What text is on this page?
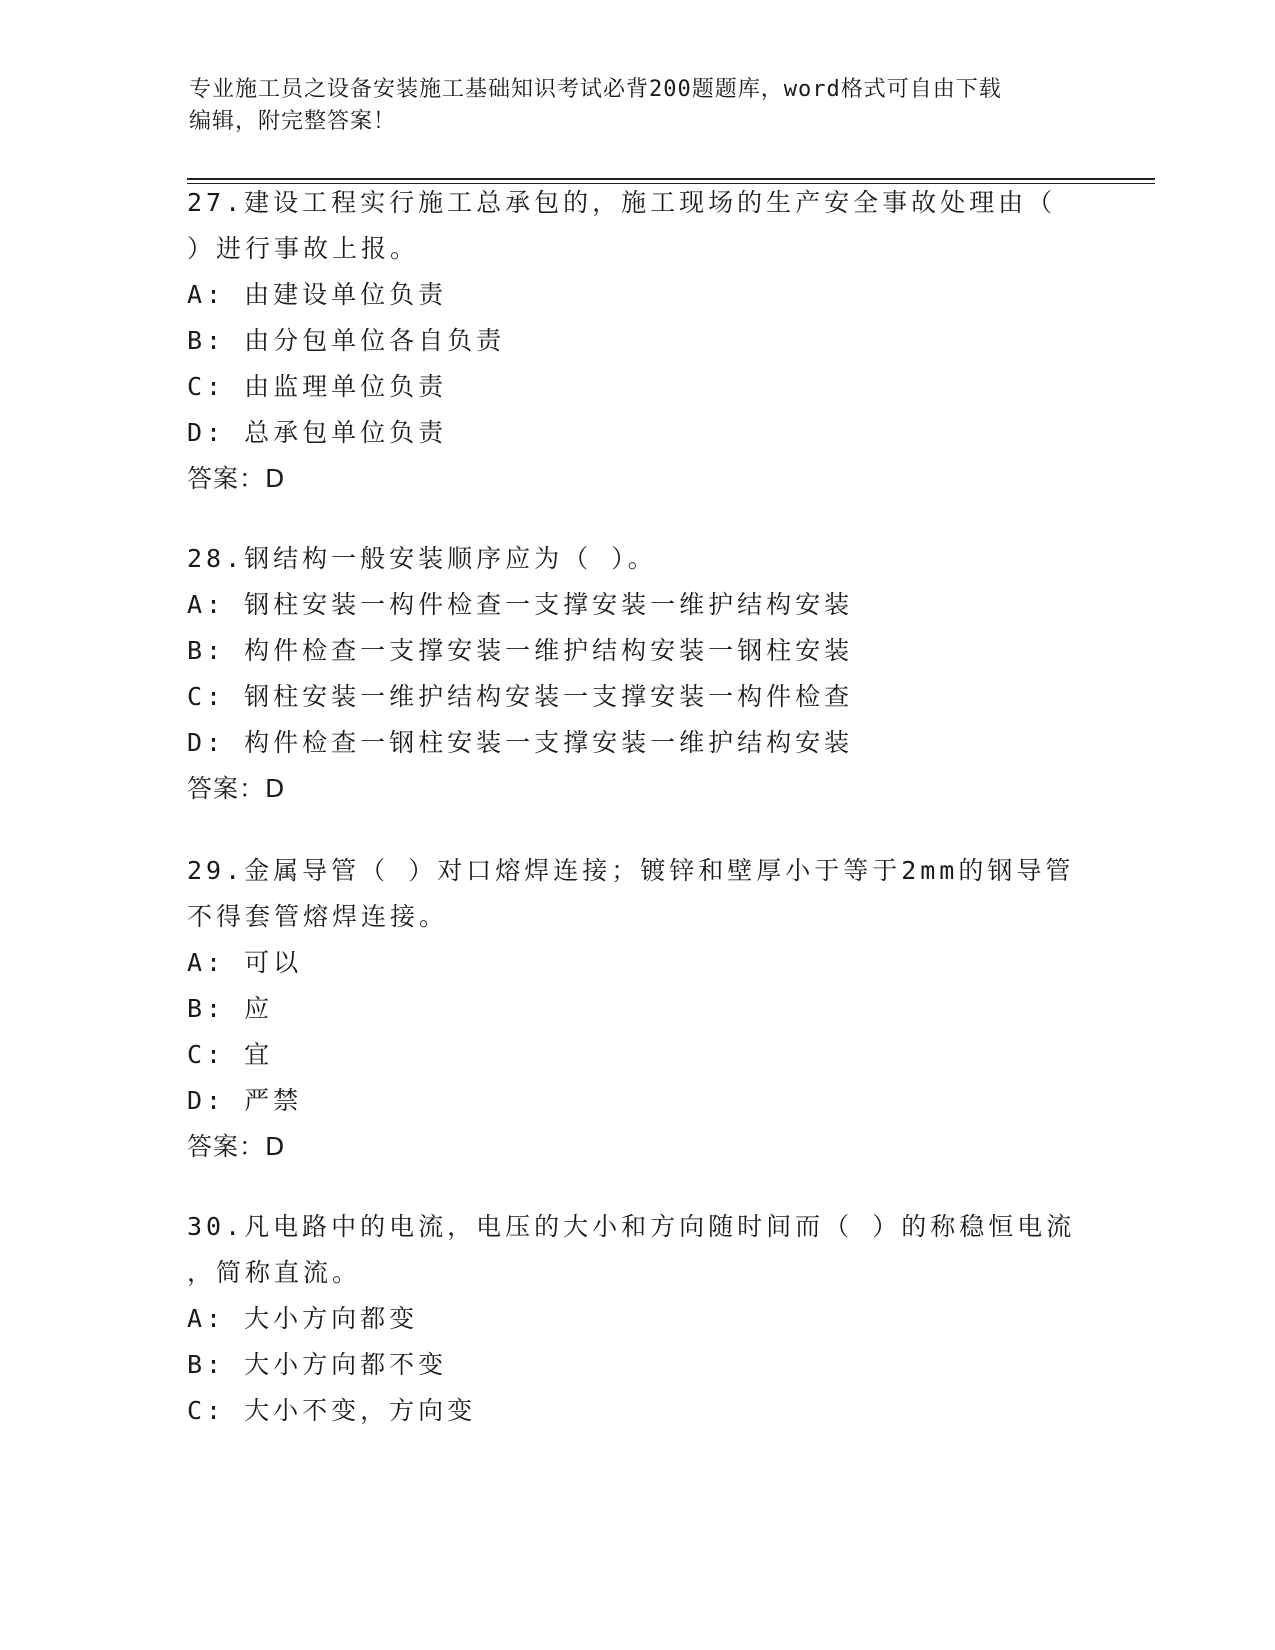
专业施工员之设备安装施工基础知识考试必背200题题库，word格式可自由下载
编辑，附完整答案！
27.建设工程实行施工总承包的，施工现场的生产安全事故处理由（
）进行事故上报。
A: 由建设单位负责
B: 由分包单位各自负责
C: 由监理单位负责
D: 总承包单位负责
答案：D
28.钢结构一般安装顺序应为（ ）。
A: 钢柱安装一构件检查一支撑安装一维护结构安装
B: 构件检查一支撑安装一维护结构安装一钢柱安装
C: 钢柱安装一维护结构安装一支撑安装一构件检查
D: 构件检查一钢柱安装一支撑安装一维护结构安装
答案：D
29.金属导管（ ）对口熔焊连接；镀锌和壁厚小于等于2mm的钢导管
不得套管熔焊连接。
A: 可以
B: 应
C: 宜
D: 严禁
答案：D
30.凡电路中的电流，电压的大小和方向随时间而（ ）的称稳恒电流
，简称直流。
A: 大小方向都变
B: 大小方向都不变
C: 大小不变，方向变
